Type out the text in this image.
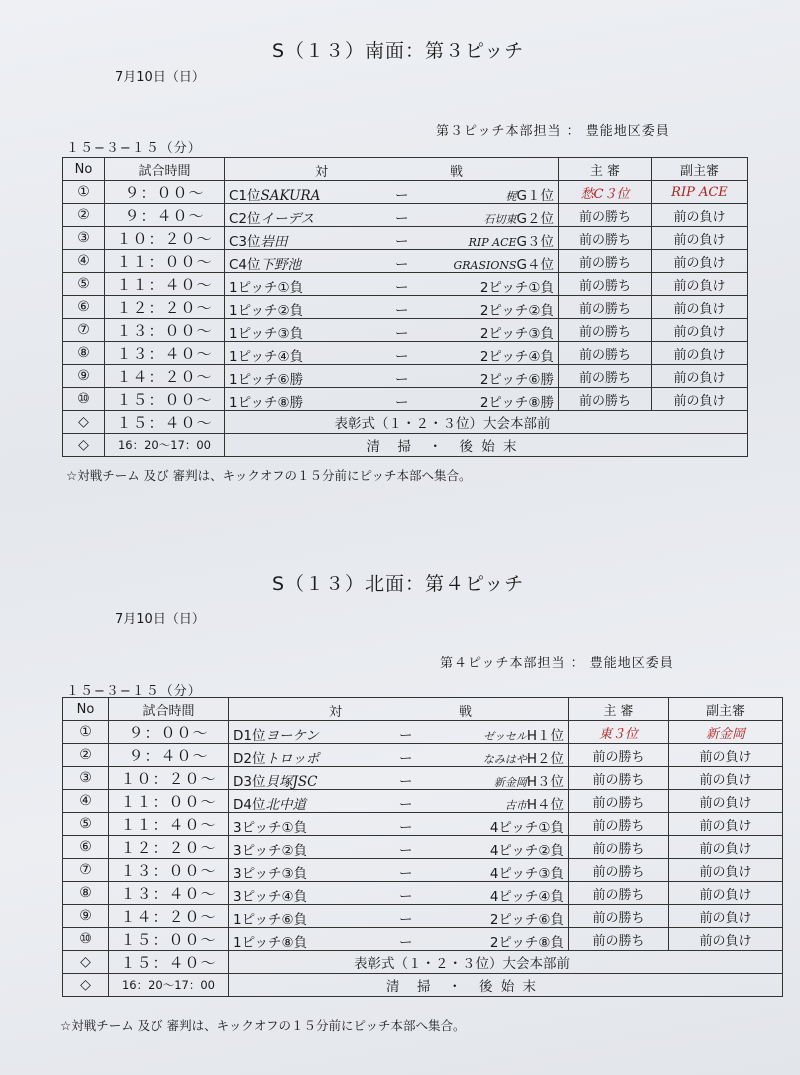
S（１３）南面：第３ピッチ
7月10日（日）
第３ピッチ本部担当 ： 豊能地区委員
１５−３−１５（分）
No	試合時間	対 戦	主 審	副主審
①	９：００〜	C1位SAKURA ー 梶G１位	愁C３位	RIP ACE
②	９：４０〜	C2位イーデス ー 石切東G２位	前の勝ち	前の負け
③	１０：２０〜	C3位岩田 ー RIP ACEG３位	前の勝ち	前の負け
④	１１：００〜	C4位下野池 ー GRASIONSG４位	前の勝ち	前の負け
⑤	１１：４０〜	1ピッチ①負 ー 2ピッチ①負	前の勝ち	前の負け
⑥	１２：２０〜	1ピッチ②負 ー 2ピッチ②負	前の勝ち	前の負け
⑦	１３：００〜	1ピッチ③負 ー 2ピッチ③負	前の勝ち	前の負け
⑧	１３：４０〜	1ピッチ④負 ー 2ピッチ④負	前の勝ち	前の負け
⑨	１４：２０〜	1ピッチ⑥勝 ー 2ピッチ⑥勝	前の勝ち	前の負け
⑩	１５：００〜	1ピッチ⑧勝 ー 2ピッチ⑧勝	前の勝ち	前の負け
◇	１５：４０〜	表彰式（１・２・３位）大会本部前		
◇	16：20〜17：00	清　掃　・　後 始 末		
☆対戦チーム 及び 審判は、キックオフの１５分前にピッチ本部へ集合。
S（１３）北面：第４ピッチ
7月10日（日）
第４ピッチ本部担当 ： 豊能地区委員
１５−３−１５（分）
No	試合時間	対 戦	主 審	副主審
①	９：００〜	D1位ヨーケン ー ゼッセルH１位	東３位	新金岡
②	９：４０〜	D2位トロッポ ー なみはやH２位	前の勝ち	前の負け
③	１０：２０〜	D3位貝塚JSC ー 新金岡H３位	前の勝ち	前の負け
④	１１：００〜	D4位北中道 ー 古市H４位	前の勝ち	前の負け
⑤	１１：４０〜	3ピッチ①負 ー 4ピッチ①負	前の勝ち	前の負け
⑥	１２：２０〜	3ピッチ②負 ー 4ピッチ②負	前の勝ち	前の負け
⑦	１３：００〜	3ピッチ③負 ー 4ピッチ③負	前の勝ち	前の負け
⑧	１３：４０〜	3ピッチ④負 ー 4ピッチ④負	前の勝ち	前の負け
⑨	１４：２０〜	1ピッチ⑥負 ー 2ピッチ⑥負	前の勝ち	前の負け
⑩	１５：００〜	1ピッチ⑧負 ー 2ピッチ⑧負	前の勝ち	前の負け
◇	１５：４０〜	表彰式（１・２・３位）大会本部前		
◇	16：20〜17：00	清　掃　・　後 始 末		
☆対戦チーム 及び 審判は、キックオフの１５分前にピッチ本部へ集合。
